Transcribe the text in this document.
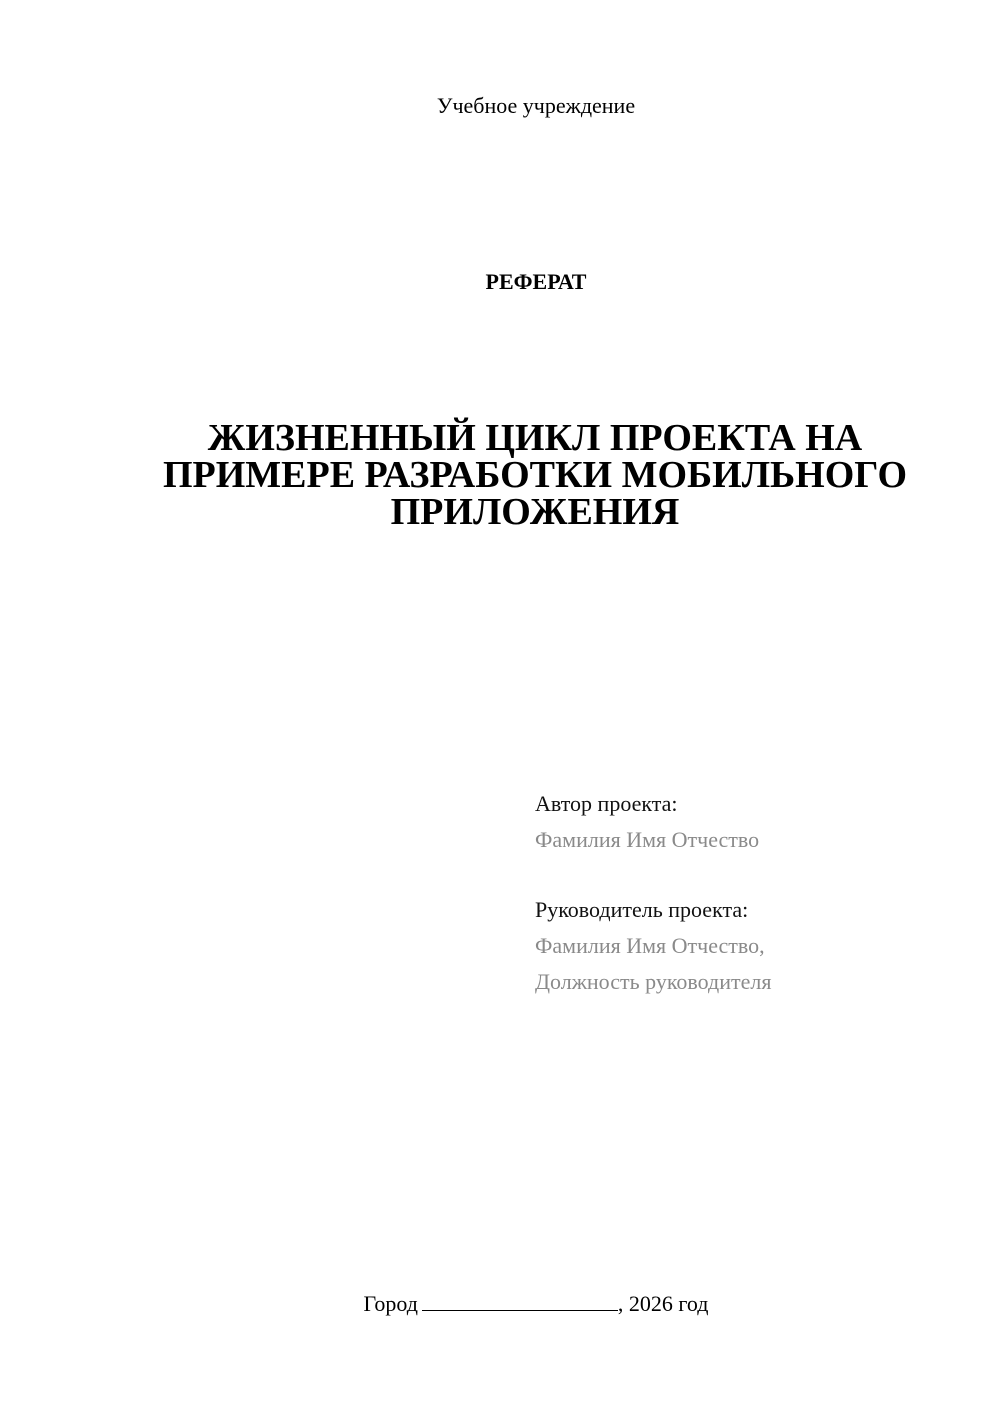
Учебное учреждение
РЕФЕРАТ
ЖИЗНЕННЫЙ ЦИКЛ ПРОЕКТА НА
ПРИМЕРЕ РАЗРАБОТКИ МОБИЛЬНОГО
ПРИЛОЖЕНИЯ
Автор проекта:
Фамилия Имя Отчество
Руководитель проекта:
Фамилия Имя Отчество,
Должность руководителя
Город	, 2026 год
